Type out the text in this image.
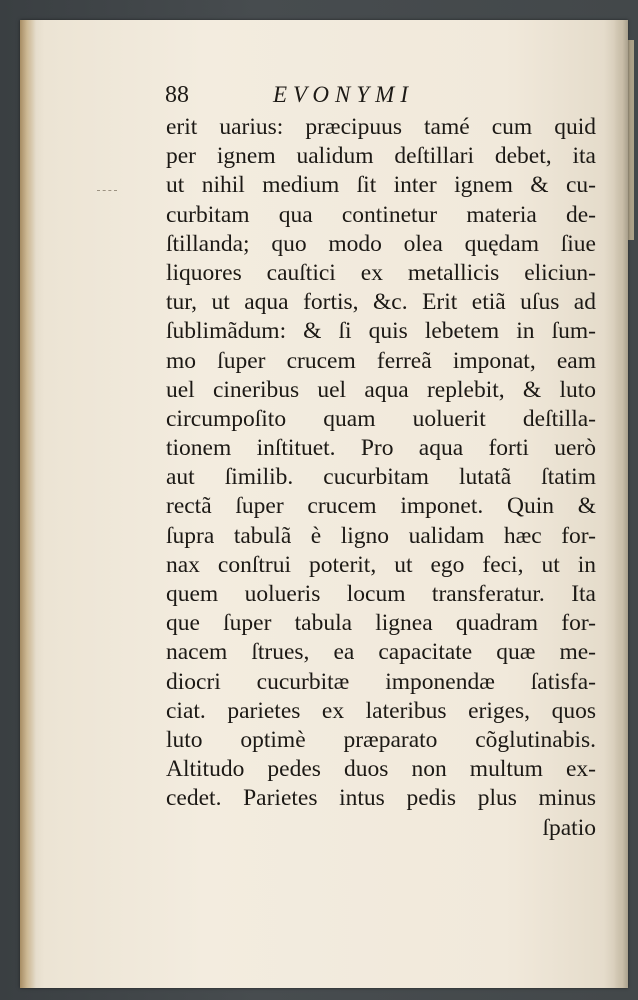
88	EVONYMI
erit uarius: præcipuus tamé cum quid
per ignem ualidum deſtillari debet, ita
ut nihil medium ſit inter ignem & cu-
curbitam qua continetur materia de-
ſtillanda; quo modo olea quędam ſiue
liquores cauſtici ex metallicis eliciun-
tur, ut aqua fortis, &c. Erit etiã uſus ad
ſublimãdum: & ſi quis lebetem in ſum-
mo ſuper crucem ferreã imponat, eam
uel cineribus uel aqua replebit, & luto
circumpoſito quam uoluerit deſtilla-
tionem inſtituet. Pro aqua forti uerò
aut ſimilib. cucurbitam lutatã ſtatim
rectã ſuper crucem imponet. Quin &
ſupra tabulã è ligno ualidam hæc for-
nax conſtrui poterit, ut ego feci, ut in
quem uolueris locum transferatur. Ita
que ſuper tabula lignea quadram for-
nacem ſtrues, ea capacitate quæ me-
diocri cucurbitæ imponendæ ſatisfa-
ciat. parietes ex lateribus eriges, quos
luto optimè præparato cõglutinabis.
Altitudo pedes duos non multum ex-
cedet. Parietes intus pedis plus minus
ſpatio
